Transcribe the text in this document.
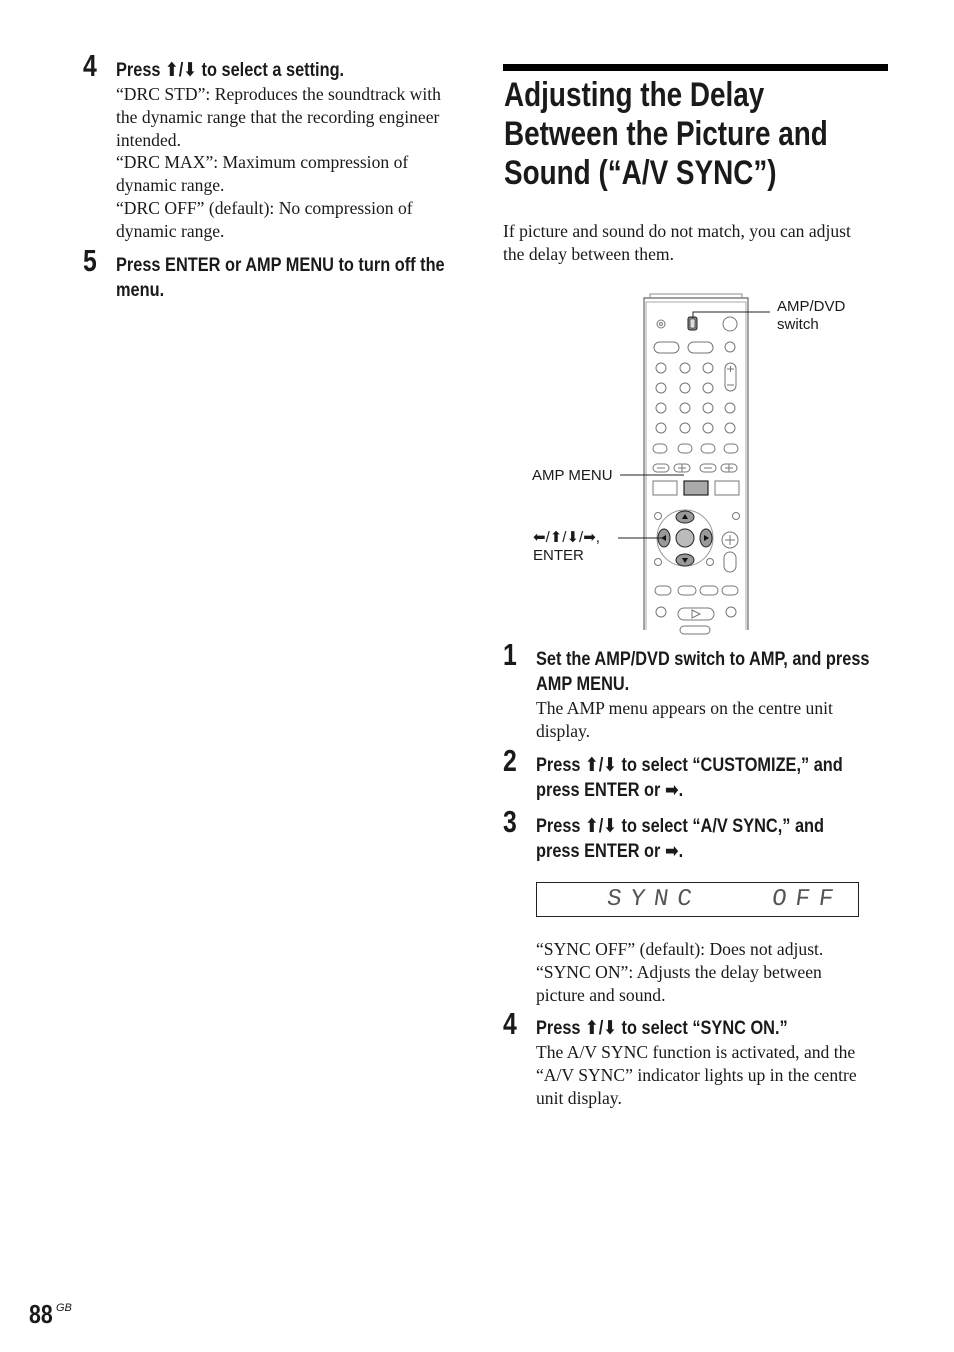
4 Press ⬆/⬇ to select a setting.
“DRC STD”: Reproduces the soundtrack with
the dynamic range that the recording engineer
intended.
“DRC MAX”: Maximum compression of
dynamic range.
“DRC OFF” (default): No compression of
dynamic range.
5 Press ENTER or AMP MENU to turn off the
menu.
Adjusting the Delay
Between the Picture and
Sound (“A/V SYNC”)
If picture and sound do not match, you can adjust
the delay between them.
AMP/DVD
switch
AMP MENU
⬅/⬆/⬇/➡,
ENTER
1 Set the AMP/DVD switch to AMP, and press
AMP MENU.
The AMP menu appears on the centre unit
display.
2 Press ⬆/⬇ to select “CUSTOMIZE,” and
press ENTER or ➡.
3 Press ⬆/⬇ to select “A/V SYNC,” and
press ENTER or ➡.
SYNC	OFF
“SYNC OFF” (default): Does not adjust.
“SYNC ON”: Adjusts the delay between
picture and sound.
4 Press ⬆/⬇ to select “SYNC ON.”
The A/V SYNC function is activated, and the
“A/V SYNC” indicator lights up in the centre
unit display.
88 GB
